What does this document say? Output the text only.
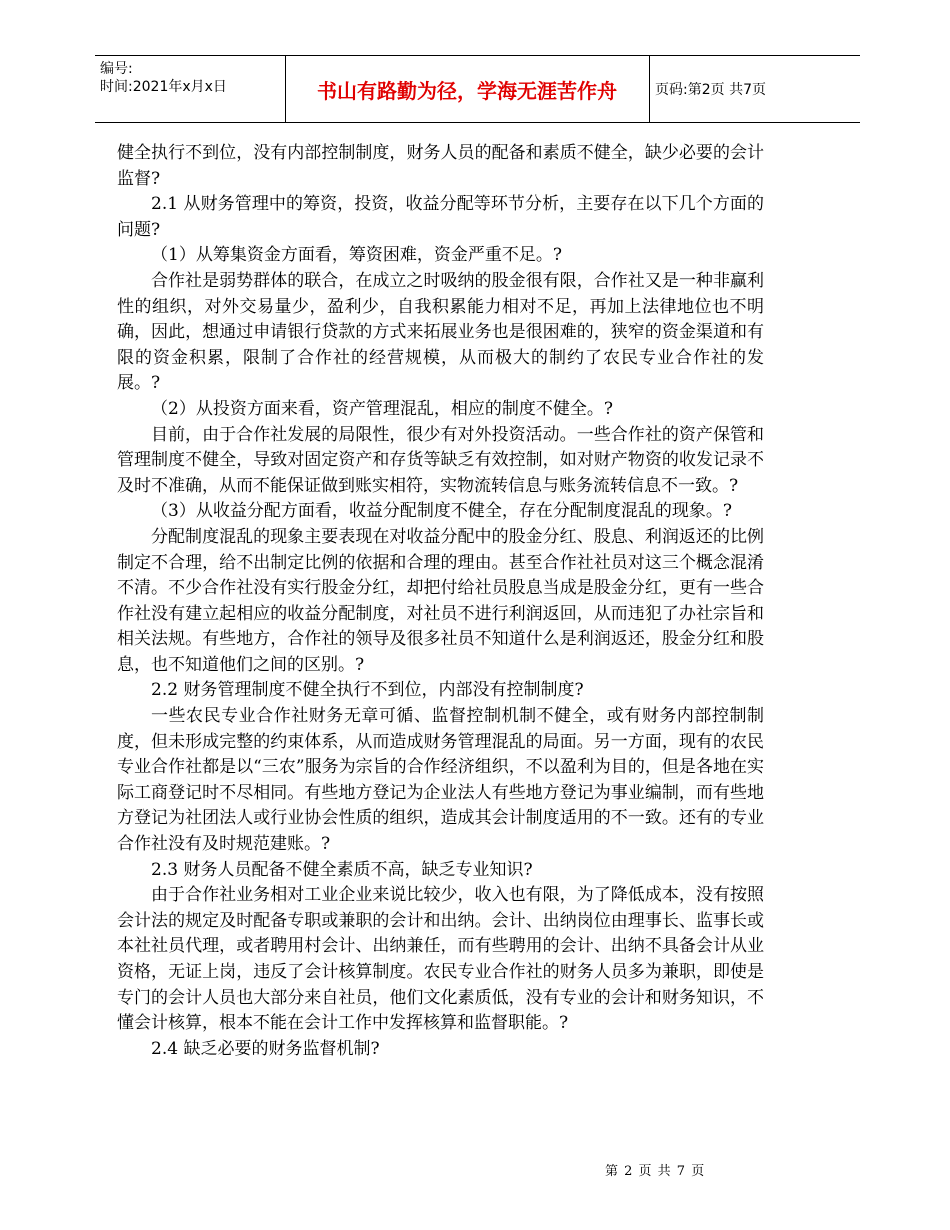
编号:
时间:2021年x月x日	书山有路勤为径，学海无涯苦作舟	页码:第2页 共7页

健全执行不到位，没有内部控制制度，财务人员的配备和素质不健全，缺少必要的会计监督?

2.1 从财务管理中的筹资，投资，收益分配等环节分析，主要存在以下几个方面的问题?

（1）从筹集资金方面看，筹资困难，资金严重不足。?

合作社是弱势群体的联合，在成立之时吸纳的股金很有限，合作社又是一种非赢利性的组织，对外交易量少，盈利少，自我积累能力相对不足，再加上法律地位也不明确，因此，想通过申请银行贷款的方式来拓展业务也是很困难的，狭窄的资金渠道和有限的资金积累，限制了合作社的经营规模，从而极大的制约了农民专业合作社的发展。?

（2）从投资方面来看，资产管理混乱，相应的制度不健全。?

目前，由于合作社发展的局限性，很少有对外投资活动。一些合作社的资产保管和管理制度不健全，导致对固定资产和存货等缺乏有效控制，如对财产物资的收发记录不及时不准确，从而不能保证做到账实相符，实物流转信息与账务流转信息不一致。?

（3）从收益分配方面看，收益分配制度不健全，存在分配制度混乱的现象。?

分配制度混乱的现象主要表现在对收益分配中的股金分红、股息、利润返还的比例制定不合理，给不出制定比例的依据和合理的理由。甚至合作社社员对这三个概念混淆不清。不少合作社没有实行股金分红，却把付给社员股息当成是股金分红，更有一些合作社没有建立起相应的收益分配制度，对社员不进行利润返回，从而违犯了办社宗旨和相关法规。有些地方，合作社的领导及很多社员不知道什么是利润返还，股金分红和股息，也不知道他们之间的区别。?

2.2 财务管理制度不健全执行不到位，内部没有控制制度?

一些农民专业合作社财务无章可循、监督控制机制不健全，或有财务内部控制制度，但未形成完整的约束体系，从而造成财务管理混乱的局面。另一方面，现有的农民专业合作社都是以“三农”服务为宗旨的合作经济组织，不以盈利为目的，但是各地在实际工商登记时不尽相同。有些地方登记为企业法人有些地方登记为事业编制，而有些地方登记为社团法人或行业协会性质的组织，造成其会计制度适用的不一致。还有的专业合作社没有及时规范建账。?

2.3 财务人员配备不健全素质不高，缺乏专业知识?

由于合作社业务相对工业企业来说比较少，收入也有限，为了降低成本，没有按照会计法的规定及时配备专职或兼职的会计和出纳。会计、出纳岗位由理事长、监事长或本社社员代理，或者聘用村会计、出纳兼任，而有些聘用的会计、出纳不具备会计从业资格，无证上岗，违反了会计核算制度。农民专业合作社的财务人员多为兼职，即使是专门的会计人员也大部分来自社员，他们文化素质低，没有专业的会计和财务知识，不懂会计核算，根本不能在会计工作中发挥核算和监督职能。?

2.4 缺乏必要的财务监督机制?

第 2 页 共 7 页
